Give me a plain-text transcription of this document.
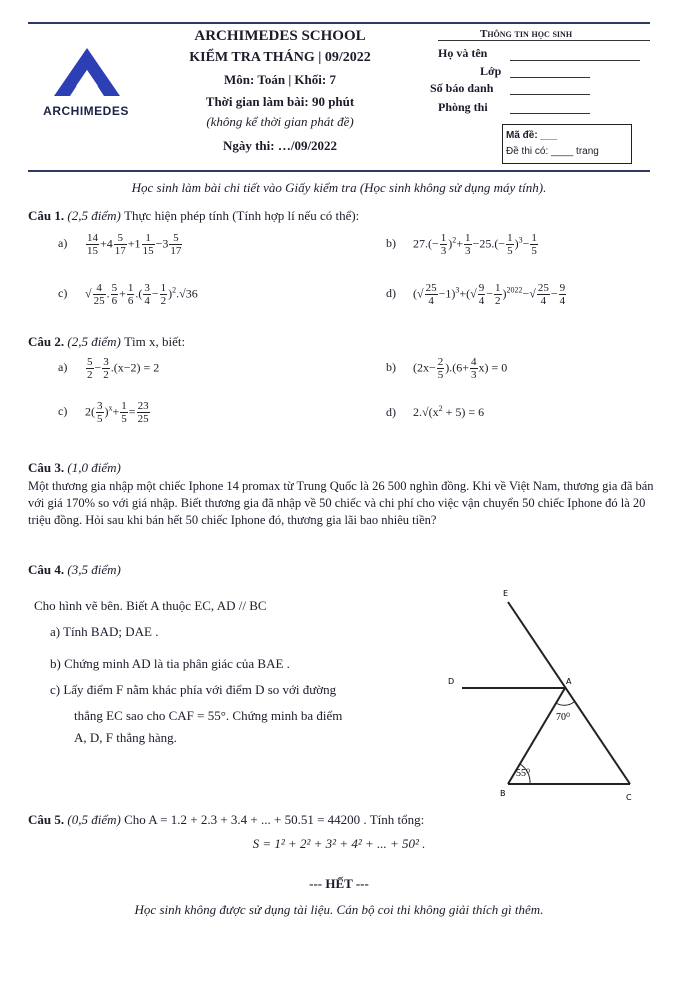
ARCHIMEDES
ARCHIMEDES SCHOOL
KIỂM TRA THÁNG | 09/2022
Môn: Toán | Khối: 7
Thời gian làm bài: 90 phút
(không kể thời gian phát đề)
Ngày thi: …/09/2022
Thông tin học sinh
Họ và tên
Lớp
Số báo danh
Phòng thi
Mã đề: ___
Đề thi có: ____ trang
Học sinh làm bài chi tiết vào Giấy kiểm tra (Học sinh không sử dụng máy tính).
Câu 1. (2,5 điểm) Thực hiện phép tính (Tính hợp lí nếu có thể):
$a) \frac{14}{15} +4 \frac{5}{17} +1 \frac{1}{15} -3 \frac{5}{17}$	b) $27.(- \frac{1}{3} )^2+ \frac{1}{3} -25.(- \frac{1}{5} )^3- \frac{1}{5}$
c) √ $\frac{4}{25}$ . $\frac{5}{6} + \frac{1}{6}$ .( $\frac{3}{4} - \frac{1}{2} )^2.√36$	d) (√ $\frac{25}{4} -1)^3+(√ \frac{9}{4} - \frac{1}{2} )^{2022}-√ \frac{25}{4} - \frac{9}{4}$
Câu 2. (2,5 điểm) Tìm x, biết:
$a) \frac{5}{2} - \frac{3}{2} .(x-2) = 2$	b) $(2x- \frac{2}{5} ).(6+ \frac{4}{3} x) = 0$
c) $2( \frac{3}{5} )^x+ \frac{1}{5} = \frac{23}{25}$	d) $2.√(x^2 + 5) = 6$
Câu 3. (1,0 điểm)
Một thương gia nhập một chiếc Iphone 14 promax từ Trung Quốc là 26 500 nghìn đồng. Khi về Việt Nam, thương gia đã bán với giá 170% so với giá nhập. Biết thương gia đã nhập về 50 chiếc và chi phí cho việc vận chuyển 50 chiếc Iphone đó là 20 triệu đồng. Hỏi sau khi bán hết 50 chiếc Iphone đó, thương gia lãi bao nhiêu tiền?
Câu 4. (3,5 điểm)
Cho hình vẽ bên. Biết A thuộc EC, AD // BC
a) Tính BAD; DAE .
b) Chứng minh AD là tia phân giác của BAE .
c) Lấy điểm F nằm khác phía với điểm D so với đường
thẳng EC sao cho CAF = 55°. Chứng minh ba điểm
A, D, F thẳng hàng.
E
D	A
B	C
70⁰
55⁰
Câu 5. (0,5 điểm) Cho A = 1.2 + 2.3 + 3.4 + ... + 50.51 = 44200 . Tính tổng:
S = 1² + 2² + 3² + 4² + ... + 50² .
--- HẾT ---
Học sinh không được sử dụng tài liệu. Cán bộ coi thi không giải thích gì thêm.
